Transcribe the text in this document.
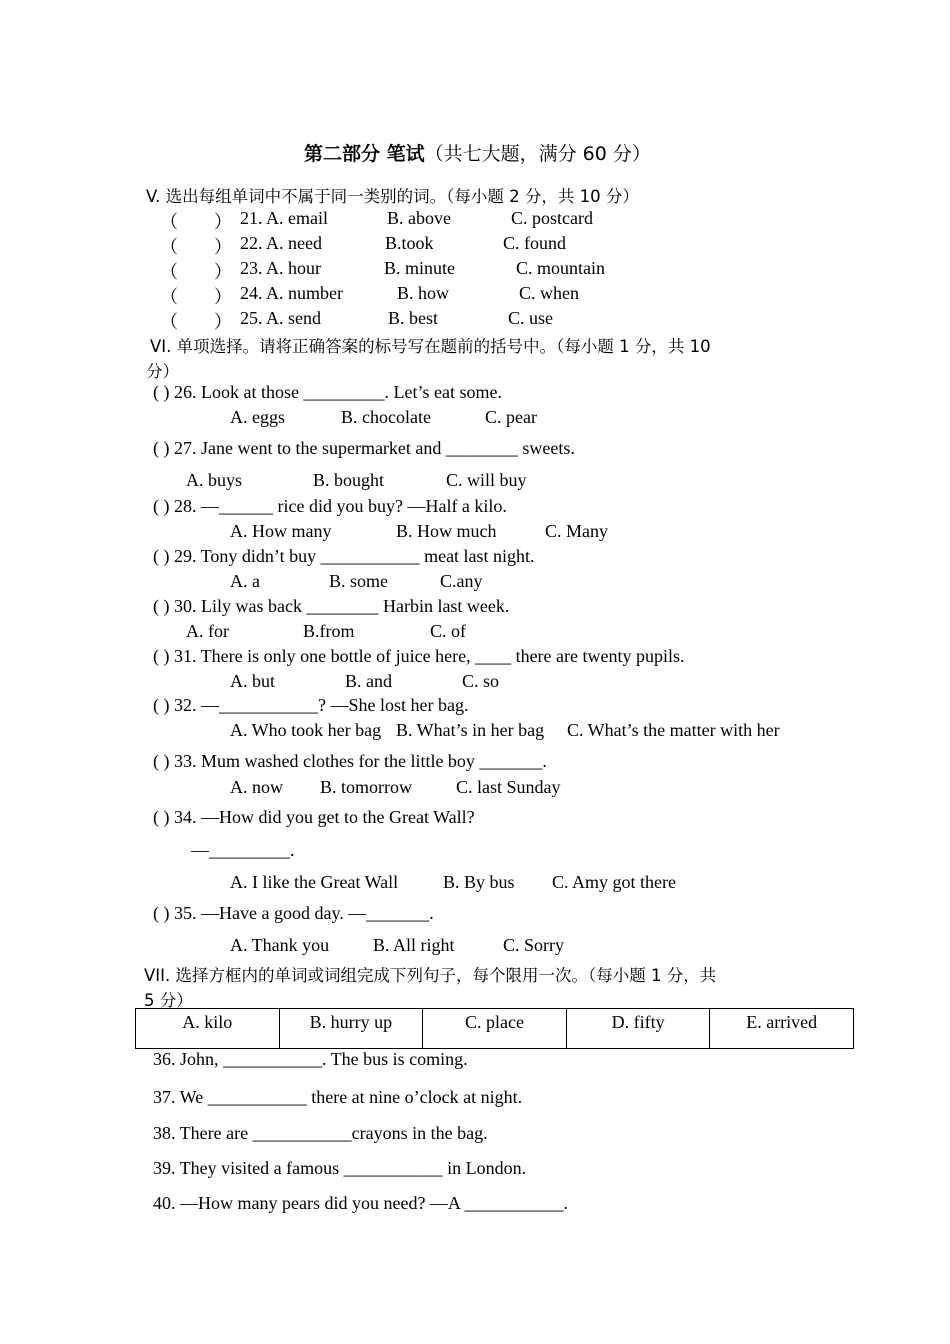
第二部分 笔试（共七大题，满分 60 分）
V. 选出每组单词中不属于同一类别的词。（每小题 2 分，共 10 分）
（　　） 21. A. email	B. above	C. postcard
（　　） 22. A. need	B.took	C. found
（　　） 23. A. hour	B. minute	C. mountain
（　　） 24. A. number	B. how	C. when
（　　） 25. A. send	B. best	C. use
VI. 单项选择。请将正确答案的标号写在题前的括号中。（每小题 1 分，共 10
分）
( ) 26. Look at those _________. Let’s eat some.
A. eggs	B. chocolate	C. pear
( ) 27. Jane went to the supermarket and ________ sweets.
A. buys	B. bought	C. will buy
( ) 28. —______ rice did you buy? —Half a kilo.
A. How many	B. How much	C. Many
( ) 29. Tony didn’t buy ___________ meat last night.
A. a	B. some	C.any
( ) 30. Lily was back ________ Harbin last week.
A. for	B.from	C. of
( ) 31. There is only one bottle of juice here, ____ there are twenty pupils.
A. but	B. and	C. so
( ) 32. —___________? —She lost her bag.
A. Who took her bag B. What’s in her bag C. What’s the matter with her
( ) 33. Mum washed clothes for the little boy _______.
A. now B. tomorrow C. last Sunday
( ) 34. —How did you get to the Great Wall?
—_________.
A. I like the Great Wall B. By bus C. Amy got there
( ) 35. —Have a good day. —_______.
A. Thank you B. All right	C. Sorry
VII. 选择方框内的单词或词组完成下列句子，每个限用一次。（每小题 1 分，共
5 分）
A. kilo	B. hurry up	C. place	D. fifty	E. arrived
36. John, ___________. The bus is coming.
37. We ___________ there at nine o’clock at night.
38. There are ___________crayons in the bag.
39. They visited a famous ___________ in London.
40. —How many pears did you need? —A ___________.
